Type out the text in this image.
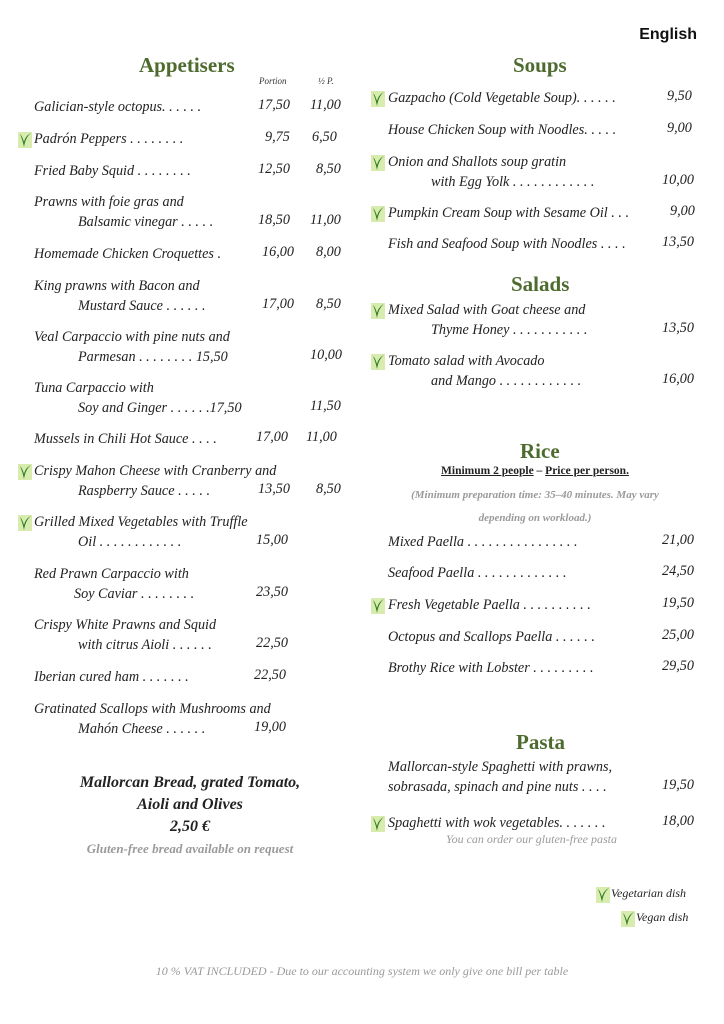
English
Appetisers
Portion	½ P.
Galician-style octopus. . . . . .	17,50 11,00
Padrón Peppers . . . . . . . .	9,75 6,50
Fried Baby Squid . . . . . . . .	12,50 8,50
Prawns with foie gras and
Balsamic vinegar . . . . .	18,50 11,00
Homemade Chicken Croquettes .	16,00 8,00
King prawns with Bacon and
Mustard Sauce . . . . . .	17,00 8,50
Veal Carpaccio with pine nuts and
Parmesan . . . . . . . . 15,50	10,00
Tuna Carpaccio with
Soy and Ginger . . . . . .17,50	11,50
Mussels in Chili Hot Sauce . . . .	17,00 11,00
Crispy Mahon Cheese with Cranberry and
Raspberry Sauce . . . . .	13,50 8,50
Grilled Mixed Vegetables with Truffle
Oil . . . . . . . . . . . .	15,00
Red Prawn Carpaccio with
Soy Caviar . . . . . . . .	23,50
Crispy White Prawns and Squid
with citrus Aioli . . . . . .	22,50
Iberian cured ham . . . . . . .	22,50
Gratinated Scallops with Mushrooms and
Mahón Cheese . . . . . .	19,00
Mallorcan Bread, grated Tomato,
Aioli and Olives
2,50 €
Gluten-free bread available on request
Soups
Gazpacho (Cold Vegetable Soup). . . . . .	9,50
House Chicken Soup with Noodles. . . . .	9,00
Onion and Shallots soup gratin
with Egg Yolk . . . . . . . . . . . .	10,00
Pumpkin Cream Soup with Sesame Oil . . .	9,00
Fish and Seafood Soup with Noodles . . . .	13,50
Salads
Mixed Salad with Goat cheese and
Thyme Honey . . . . . . . . . . .	13,50
Tomato salad with Avocado
and Mango . . . . . . . . . . . .	16,00
Rice
Minimum 2 people – Price per person.
(Minimum preparation time: 35–40 minutes. May vary
depending on workload.)
Mixed Paella . . . . . . . . . . . . . . . .	21,00
Seafood Paella . . . . . . . . . . . . .	24,50
Fresh Vegetable Paella . . . . . . . . . .	19,50
Octopus and Scallops Paella . . . . . .	25,00
Brothy Rice with Lobster . . . . . . . . .	29,50
Pasta
Mallorcan-style Spaghetti with prawns,
sobrasada, spinach and pine nuts . . . .	19,50
Spaghetti with wok vegetables. . . . . . .	18,00
You can order our gluten-free pasta
Vegetarian dish
Vegan dish
10 % VAT INCLUDED - Due to our accounting system we only give one bill per table
